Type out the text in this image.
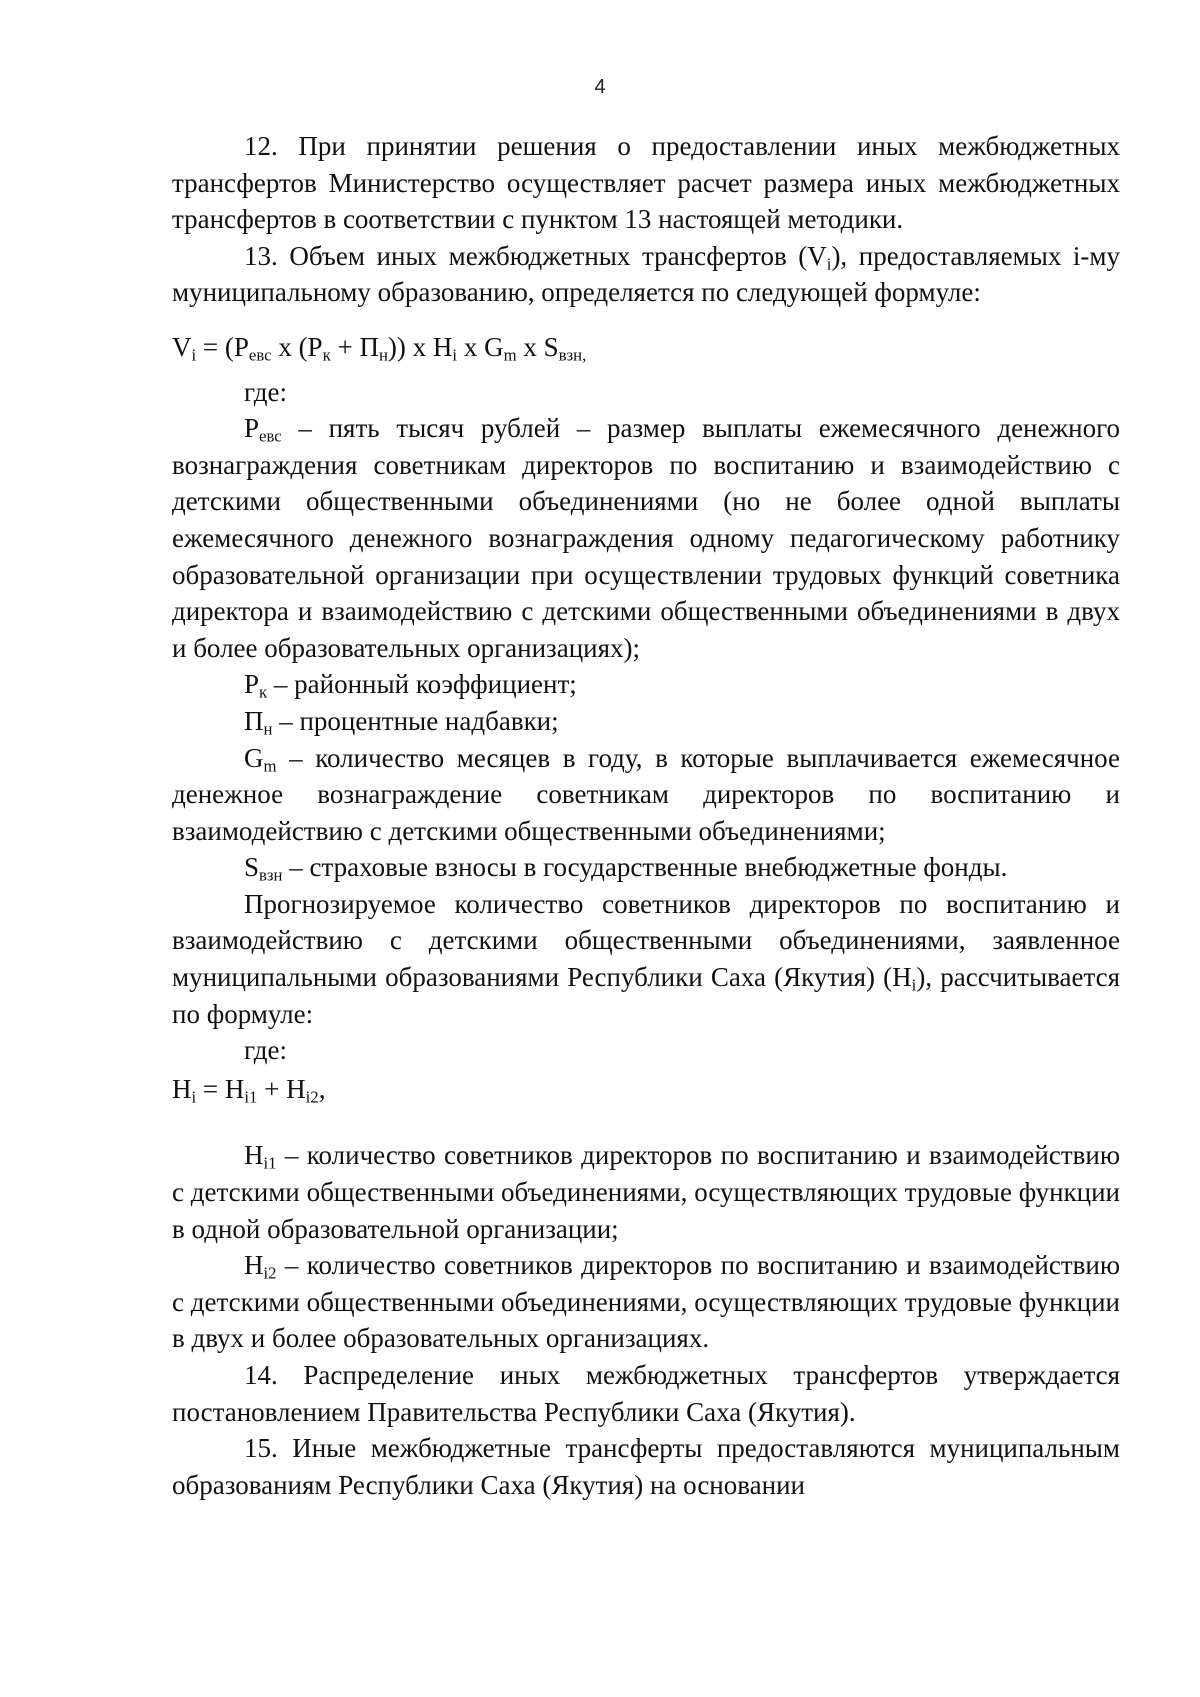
4

12. При принятии решения о предоставлении иных межбюджетных трансфертов Министерство осуществляет расчет размера иных межбюджетных трансфертов в соответствии с пунктом 13 настоящей методики.

13. Объем иных межбюджетных трансфертов $(V_i)$, предоставляемых i-му муниципальному образованию, определяется по следующей формуле:

$V_i = (P_{евс}$ х $(P_к + П_н)$) х $H_i$ х $G_m$ х $S_{взн,}$

где:

$P_{евс}$ – пять тысяч рублей – размер выплаты ежемесячного денежного вознаграждения советникам директоров по воспитанию и взаимодействию с детскими общественными объединениями (но не более одной выплаты ежемесячного денежного вознаграждения одному педагогическому работнику образовательной организации при осуществлении трудовых функций советника директора и взаимодействию с детскими общественными объединениями в двух и более образовательных организациях);

$P_к$ – районный коэффициент;

$П_н$ – процентные надбавки;

$G_m$ – количество месяцев в году, в которые выплачивается ежемесячное денежное вознаграждение советникам директоров по воспитанию и взаимодействию с детскими общественными объединениями;

$S_{взн}$ – страховые взносы в государственные внебюджетные фонды.

Прогнозируемое количество советников директоров по воспитанию и взаимодействию с детскими общественными объединениями, заявленное муниципальными образованиями Республики Саха (Якутия) $(H_i)$, рассчитывается по формуле:

где:

$H_i = H_{i1} + H_{i2}$,

$H_{i1}$ – количество советников директоров по воспитанию и взаимодействию с детскими общественными объединениями, осуществляющих трудовые функции в одной образовательной организации;

$H_{i2}$ – количество советников директоров по воспитанию и взаимодействию с детскими общественными объединениями, осуществляющих трудовые функции в двух и более образовательных организациях.

14. Распределение иных межбюджетных трансфертов утверждается постановлением Правительства Республики Саха (Якутия).

15. Иные межбюджетные трансферты предоставляются муниципальным образованиям Республики Саха (Якутия) на основании
